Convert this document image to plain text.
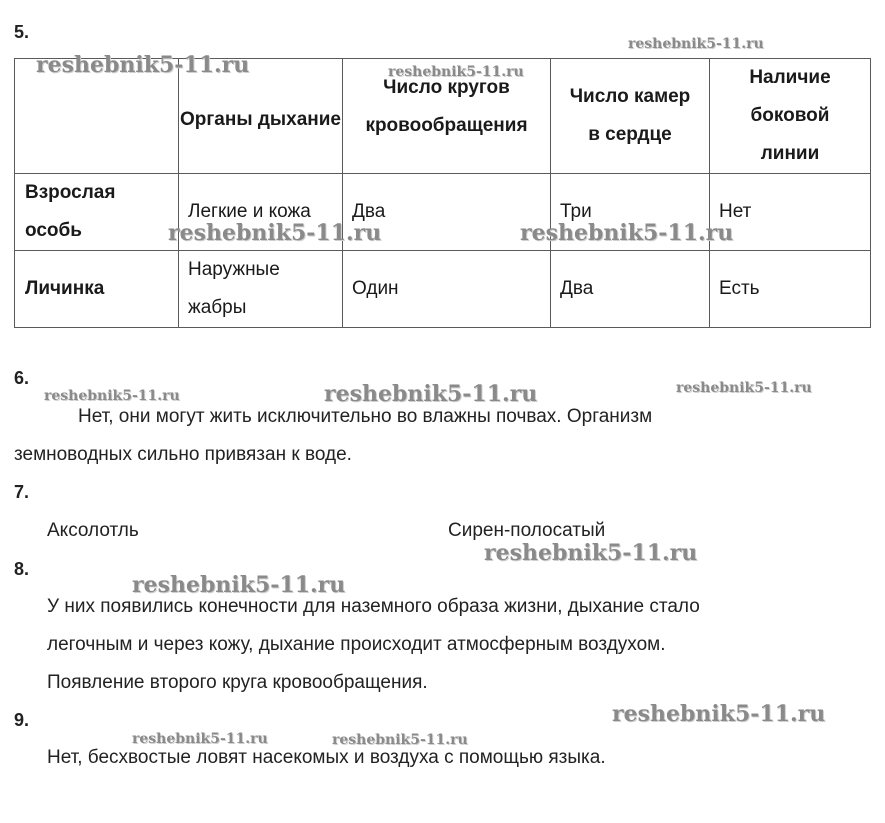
5.

	Органы дыхание	Число кругов кровообращения	Число камер в сердце	Наличие боковой линии

Взрослая особь	Легкие и кожа	Два	Три	Нет
Личинка	Наружные жабры	Один	Два	Есть
6.
Нет, они могут жить исключительно во влажны почвах. Организм
земноводных сильно привязан к воде.
7.
Аксолотль	Сирен-полосатый
8.
У них появились конечности для наземного образа жизни, дыхание стало
легочным и через кожу, дыхание происходит атмосферным воздухом.
Появление второго круга кровообращения.
9.
Нет, бесхвостые ловят насекомых и воздуха с помощью языка.
reshebnik5-11.ru
reshebnik5-11.ru	reshebnik5-11.ru
reshebnik5-11.ru	reshebnik5-11.ru
reshebnik5-11.ru	reshebnik5-11.ru	reshebnik5-11.ru
reshebnik5-11.ru
reshebnik5-11.ru
reshebnik5-11.ru
reshebnik5-11.ru	reshebnik5-11.ru
